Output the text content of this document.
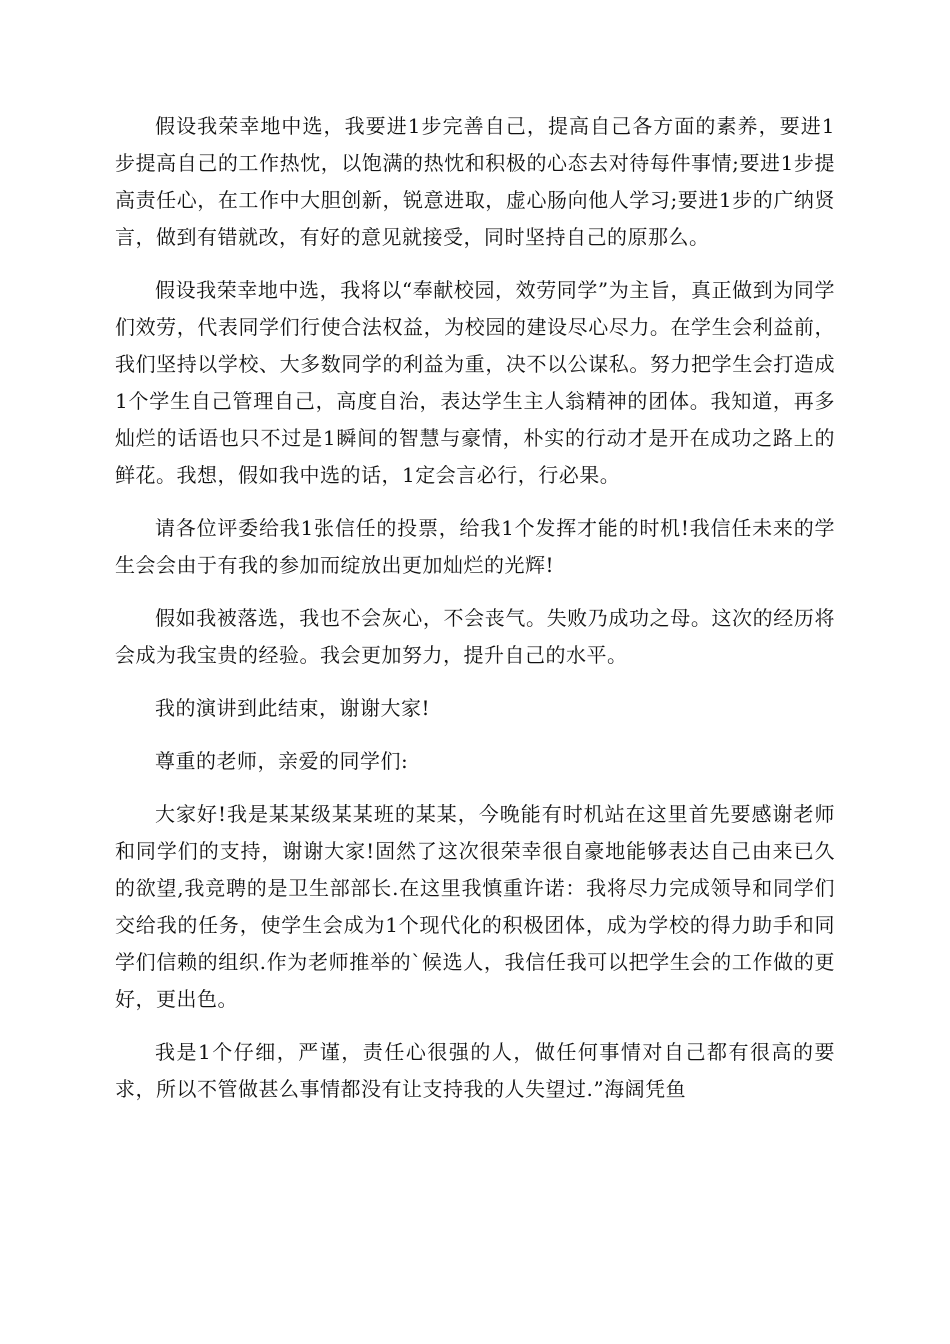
假设我荣幸地中选，我要进1步完善自己，提高自己各方面的素养，要进1步提高自己的工作热忱，以饱满的热忱和积极的心态去对待每件事情;要进1步提高责任心，在工作中大胆创新，锐意进取，虚心肠向他人学习;要进1步的广纳贤言，做到有错就改，有好的意见就接受，同时坚持自己的原那么。

假设我荣幸地中选，我将以“奉献校园，效劳同学”为主旨，真正做到为同学们效劳，代表同学们行使合法权益，为校园的建设尽心尽力。在学生会利益前，我们坚持以学校、大多数同学的利益为重，决不以公谋私。努力把学生会打造成1个学生自己管理自己，高度自治，表达学生主人翁精神的团体。我知道，再多灿烂的话语也只不过是1瞬间的智慧与豪情，朴实的行动才是开在成功之路上的鲜花。我想，假如我中选的话，1定会言必行，行必果。

请各位评委给我1张信任的投票，给我1个发挥才能的时机!我信任未来的学生会会由于有我的参加而绽放出更加灿烂的光辉!

假如我被落选，我也不会灰心，不会丧气。失败乃成功之母。这次的经历将会成为我宝贵的经验。我会更加努力，提升自己的水平。

我的演讲到此结束，谢谢大家!

尊重的老师，亲爱的同学们:

大家好!我是某某级某某班的某某，今晚能有时机站在这里首先要感谢老师和同学们的支持，谢谢大家!固然了这次很荣幸很自豪地能够表达自己由来已久的欲望,我竞聘的是卫生部部长.在这里我慎重许诺：我将尽力完成领导和同学们交给我的任务，使学生会成为1个现代化的积极团体，成为学校的得力助手和同学们信赖的组织.作为老师推举的`候选人，我信任我可以把学生会的工作做的更好，更出色。

我是1个仔细，严谨，责任心很强的人，做任何事情对自己都有很高的要求，所以不管做甚么事情都没有让支持我的人失望过.”海阔凭鱼
